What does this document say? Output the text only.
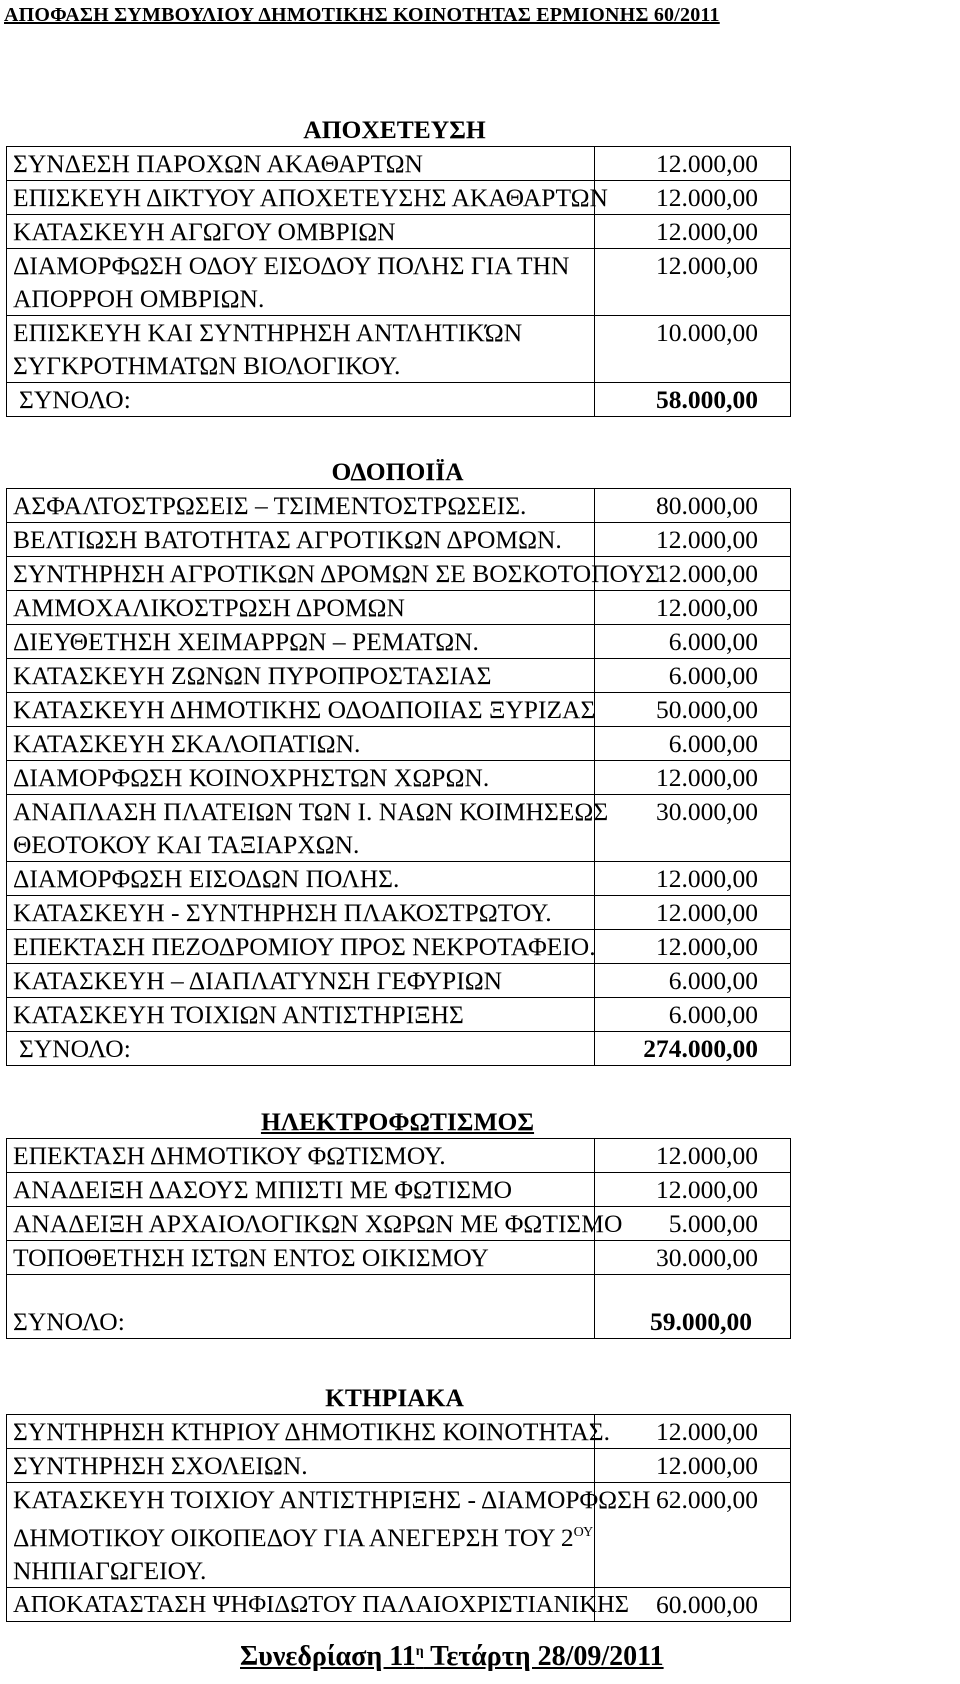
ΑΠΟΦΑΣΗ ΣΥΜΒΟΥΛΙΟΥ ΔΗΜΟΤΙΚΗΣ ΚΟΙΝΟΤΗΤΑΣ ΕΡΜΙΟΝΗΣ 60/2011
ΑΠΟΧΕΤΕΥΣΗ	
ΣΥΝΔΕΣΗ ΠΑΡΟΧΩΝ ΑΚΑΘΑΡΤΩΝ	12.000,00
ΕΠΙΣΚΕΥΗ ΔΙΚΤΥΟΥ ΑΠΟΧΕΤΕΥΣΗΣ ΑΚΑΘΑΡΤΩΝ	12.000,00
ΚΑΤΑΣΚΕΥΗ ΑΓΩΓΟΥ ΟΜΒΡΙΩΝ	12.000,00

ΔΙΑΜΟΡΦΩΣΗ ΟΔΟΥ ΕΙΣΟΔΟΥ ΠΟΛΗΣ ΓΙΑ ΤΗΝ
ΑΠΟΡΡΟΗ ΟΜΒΡΙΩΝ.	12.000,00

ΕΠΙΣΚΕΥΗ ΚΑΙ ΣΥΝΤΗΡΗΣΗ ΑΝΤΛΗΤΙΚΏΝ
ΣΥΓΚΡΟΤΗΜΑΤΩΝ ΒΙΟΛΟΓΙΚΟΥ.	10.000,00
ΣΥΝΟΛΟ:	58.000,00
ΟΔΟΠΟΙΪΑ	
ΑΣΦΑΛΤΟΣΤΡΩΣΕΙΣ – ΤΣΙΜΕΝΤΟΣΤΡΩΣΕΙΣ.	80.000,00
ΒΕΛΤΙΩΣΗ ΒΑΤΟΤΗΤΑΣ ΑΓΡΟΤΙΚΩΝ ΔΡΟΜΩΝ.	12.000,00
ΣΥΝΤΗΡΗΣΗ ΑΓΡΟΤΙΚΩΝ ΔΡΟΜΩΝ ΣΕ ΒΟΣΚΟΤΟΠΟΥΣ.	12.000,00
ΑΜΜΟΧΑΛΙΚΟΣΤΡΩΣΗ ΔΡΟΜΩΝ	12.000,00
ΔΙΕΥΘΕΤΗΣΗ ΧΕΙΜΑΡΡΩΝ – ΡΕΜΑΤΩΝ.	6.000,00
ΚΑΤΑΣΚΕΥΗ ΖΩΝΩΝ ΠΥΡΟΠΡΟΣΤΑΣΙΑΣ	6.000,00
ΚΑΤΑΣΚΕΥΗ ΔΗΜΟΤΙΚΗΣ ΟΔΟΔΠΟΙΙΑΣ ΞΥΡΙΖΑΣ	50.000,00
ΚΑΤΑΣΚΕΥΗ ΣΚΑΛΟΠΑΤΙΩΝ.	6.000,00
ΔΙΑΜΟΡΦΩΣΗ ΚΟΙΝΟΧΡΗΣΤΩΝ ΧΩΡΩΝ.	12.000,00

ΑΝΑΠΛΑΣΗ ΠΛΑΤΕΙΩΝ ΤΩΝ Ι. ΝΑΩΝ ΚΟΙΜΗΣΕΩΣ
ΘΕΟΤΟΚΟΥ ΚΑΙ ΤΑΞΙΑΡΧΩΝ.	30.000,00
ΔΙΑΜΟΡΦΩΣΗ ΕΙΣΟΔΩΝ ΠΟΛΗΣ.	12.000,00
ΚΑΤΑΣΚΕΥΗ - ΣΥΝΤΗΡΗΣΗ ΠΛΑΚΟΣΤΡΩΤΟΥ.	12.000,00
ΕΠΕΚΤΑΣΗ ΠΕΖΟΔΡΟΜΙΟΥ ΠΡΟΣ ΝΕΚΡΟΤΑΦΕΙΟ.	12.000,00
ΚΑΤΑΣΚΕΥΗ – ΔΙΑΠΛΑΤΥΝΣΗ ΓΕΦΥΡΙΩΝ	6.000,00
ΚΑΤΑΣΚΕΥΗ ΤΟΙΧΙΩΝ ΑΝΤΙΣΤΗΡΙΞΗΣ	6.000,00
ΣΥΝΟΛΟ:	274.000,00
ΗΛΕΚΤΡΟΦΩΤΙΣΜΟΣ	
ΕΠΕΚΤΑΣΗ ΔΗΜΟΤΙΚΟΥ ΦΩΤΙΣΜΟΥ.	12.000,00
ΑΝΑΔΕΙΞΗ ΔΑΣΟΥΣ ΜΠΙΣΤΙ ΜΕ ΦΩΤΙΣΜΟ	12.000,00
ΑΝΑΔΕΙΞΗ ΑΡΧΑΙΟΛΟΓΙΚΩΝ ΧΩΡΩΝ ΜΕ ΦΩΤΙΣΜΟ	5.000,00
ΤΟΠΟΘΕΤΗΣΗ ΙΣΤΩΝ ΕΝΤΟΣ ΟΙΚΙΣΜΟΥ	30.000,00
ΣΥΝΟΛΟ:	59.000,00
ΚΤΗΡΙΑΚΑ	
ΣΥΝΤΗΡΗΣΗ ΚΤΗΡΙΟΥ ΔΗΜΟΤΙΚΗΣ ΚΟΙΝΟΤΗΤΑΣ.	12.000,00
ΣΥΝΤΗΡΗΣΗ ΣΧΟΛΕΙΩΝ.	12.000,00

ΚΑΤΑΣΚΕΥΗ ΤΟΙΧΙΟΥ ΑΝΤΙΣΤΗΡΙΞΗΣ - ΔΙΑΜΟΡΦΩΣΗ
ΔΗΜΟΤΙΚΟΥ ΟΙΚΟΠΕΔΟΥ ΓΙΑ ΑΝΕΓΕΡΣΗ ΤΟΥ $2^{O\Upsilon}$
ΝΗΠΙΑΓΩΓΕΙΟΥ.	62.000,00
ΑΠΟΚΑΤΑΣΤΑΣΗ ΨΗΦΙΔΩΤΟΥ ΠΑΛΑΙΟΧΡΙΣΤΙΑΝΙΚΗΣ	60.000,00
Συνεδρίαση $11^\eta$ Τετάρτη 28/09/2011
